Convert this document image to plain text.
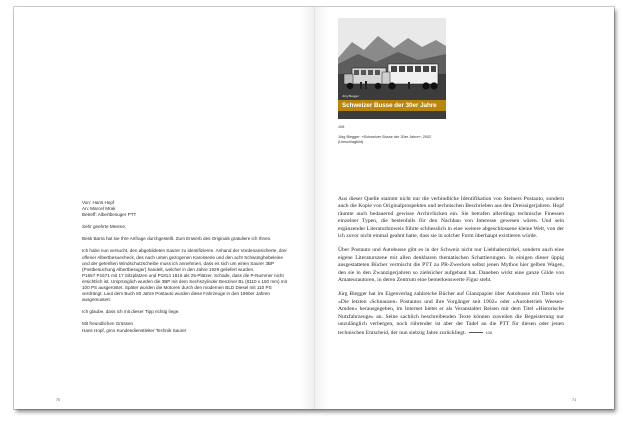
Von: Hans Hopf

An: Marcel Mrak

Betreff: Albertbesuger PTT

Sehr geehrte Mesme,

Besk Barra hat sie Ihre Anfrage durchgestellt. Zum Enwerb des Originals gratuliere ich Ihnen.

Ich habe nun versucht, den abgebildeten Saurer zu identifizieren. Anhand der Vordenansicherte, drei offener Albertbesuecheck, des nach unten gezogenen Karosserie und den acht Schwünghebeleine und der getenlten Windschutzscheibe muss ich annehmen, dass es sich um einen Saurer 3BP (Postbesuchung Albertbesuger) handelt, welcher in den Jahre 1929 geliefert wurden.

P1657 P1671 mit 17 Sitzplätzen und P1814 1816 als 25-Plätzer. Schade, dass die P-Nummer nicht ersichtlich ist. Ursprünglich wurden die 3BP mit dem Sechszylinder Benziner BL (8110 x 150 mm) mit 100 PS ausgerüstet. Später wurden die Motoren durch den modernen BLD Diesel mit 110 PS verdrängt. Laut dem Buch 80 Jahre Postauto wurden diese Fahrzeuge in den 1960er Jahren ausgemustert.

Ich glaube, dass ich mit dieser Tipp richtig liege.

Mit freundlichen Grüssen

Hans Hopf, gmo Kundendienstleiter Technik Saurer

70
Jürg Biegger
Schweizer Busse der 30er Jahre
108
Jürg Biegger: «Schweizer Busse der 30er Jahre», 2002 (Umschlagbild).

Aus dieser Quelle stammt nicht nur die verbindliche Identifikation von Steiners Postauto, sondern auch die Kopie von Originalprospekten und technischen Beschrieben aus den Dreissigerjahren. Hopf räumte auch bedauernd gewisse Archivlücken ein. Sie betrafen allerdings technische Finessen einzelner Typen, die bestenfalls für den Nachbau von Interesse gewesen wären. Und sein ergänzender Literaturhinweis führte schliesslich in eine weitere abgeschlossene kleine Welt, von der ich zuvor nicht einmal geahnt hatte, dass sie in solcher Form überhaupt existieren würde.

Über Postauto und Autobusse gibt es in der Schweiz nicht nur Liebhaberzirkel, sondern auch eine eigene Literaturszene mit allen denkbaren thematischen Schattierungen. In einigen dieser üppig ausgestatteten Bücher vermischt die PTT zu PR-Zwecken selbst jenen Mythos hier gelben Wagen, den sie in den Zwanzigerjahren so ziehsicher aufgebaut hat. Daneben wirkt eine ganze Gilde von Amateurautoren, in deren Zentrum eine bemerkenswerte Figur steht.

Jürg Biegger hat im Eigenverlag zahlreiche Bücher auf Glanzpapier über Autobusse mit Titeln wie «Die letzten ‹Schnauzen› Postautos und ihre Vorgänger seit 1902» oder «Autobetrieb Weesen-Amden» herausgegeben, im Internet bietet er als Veranstalter Reisen mit dem Titel «Historische Nutzfahrzeuge» an. Seine sachlich beschreibenden Texte können zuweilen die Begeisterung nur unzulänglich verbergen, noch rührender ist aber der Tadel an die PTT für diesen oder jenen technischen Entscheid, der nun siebzig Jahre zurückliegt.	108

71
